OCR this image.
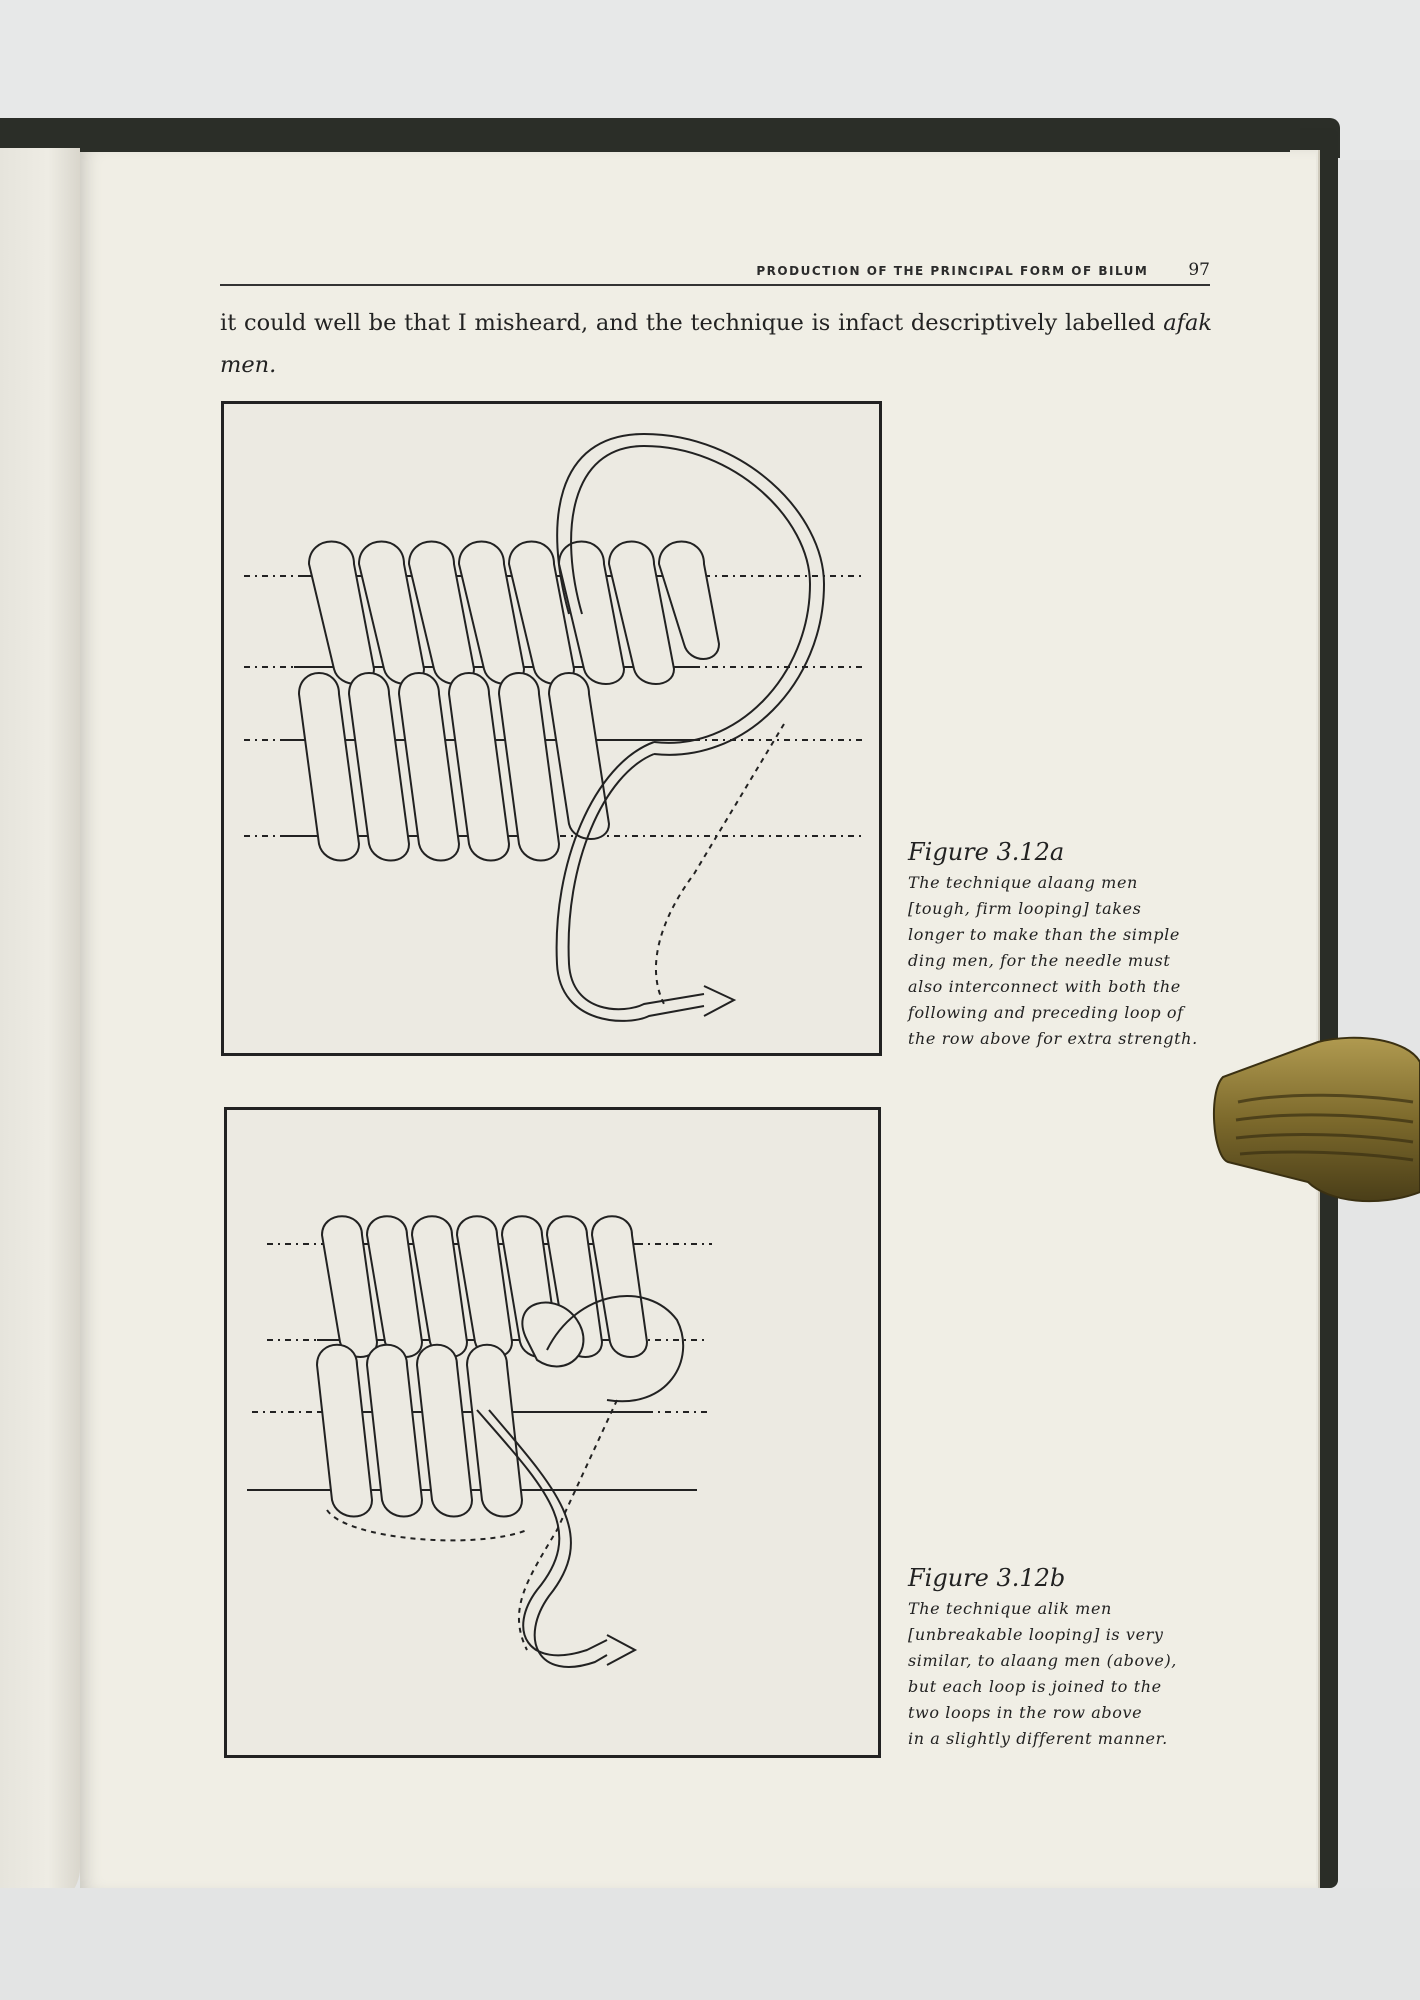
PRODUCTION OF THE PRINCIPAL FORM OF BILUM 97
it could well be that I misheard, and the technique is infact descriptively labelled afak
men.
Figure 3.12a
The technique alaang men
[tough, firm looping] takes
longer to make than the simple
ding men, for the needle must
also interconnect with both the
following and preceding loop of
the row above for extra strength.
Figure 3.12b
The technique alik men
[unbreakable looping] is very
similar, to alaang men (above),
but each loop is joined to the
two loops in the row above
in a slightly different manner.
